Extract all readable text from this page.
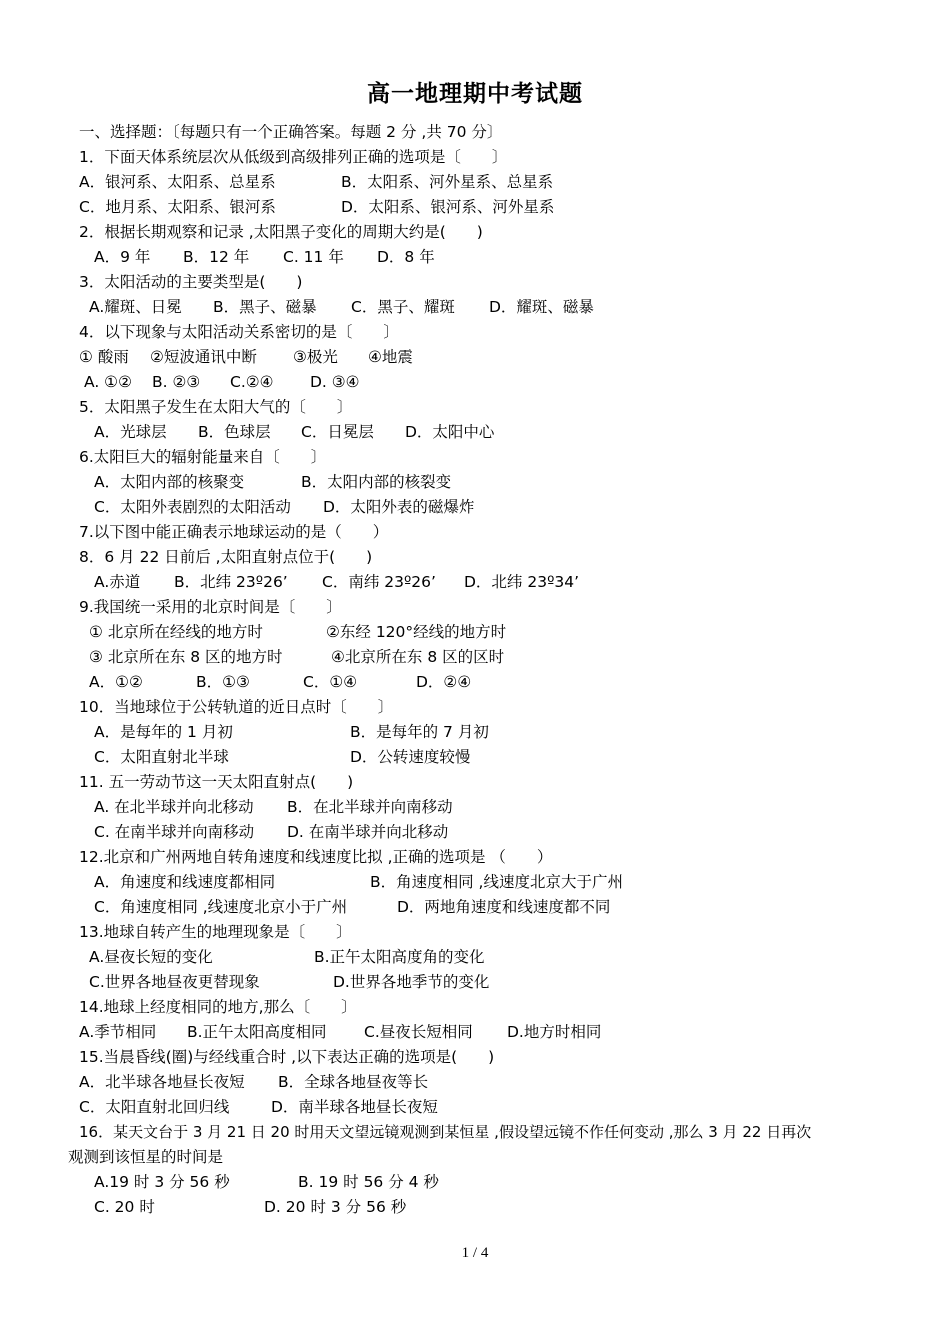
高一地理期中考试题
一、选择题：〔每题只有一个正确答案。每题 2 分 ,共 70 分〕
1．下面天体系统层次从低级到高级排列正确的选项是〔　　〕
A．银河系、太阳系、总星系	B．太阳系、河外星系、总星系
C．地月系、太阳系、银河系	D．太阳系、银河系、河外星系
2．根据长期观察和记录 ,太阳黑子变化的周期大约是(　　)
A．9 年 B．12 年 C. 11 年 D．8 年
3．太阳活动的主要类型是(　　)
A.耀斑、日冕 B．黑子、磁暴 C．黑子、耀斑 D．耀斑、磁暴
4．以下现象与太阳活动关系密切的是〔　　〕
① 酸雨 ②短波通讯中断 ③极光 ④地震
A. ①② B. ②③ C.②④ D. ③④
5．太阳黑子发生在太阳大气的〔　　〕
A．光球层 B．色球层 C．日冕层 D．太阳中心
6.太阳巨大的辐射能量来自〔　　〕
A．太阳内部的核聚变	B．太阳内部的核裂变
C．太阳外表剧烈的太阳活动 D．太阳外表的磁爆炸
7.以下图中能正确表示地球运动的是（　　）
8．6 月 22 日前后 ,太阳直射点位于(　　)
A.赤道 B．北纬 23º26’ C．南纬 23º26’ D．北纬 23º34’
9.我国统一采用的北京时间是〔　　〕
① 北京所在经线的地方时	②东经 120°经线的地方时
③ 北京所在东 8 区的地方时	④北京所在东 8 区的区时
A．①②	B．①③	C．①④	D．②④
10．当地球位于公转轨道的近日点时〔　　〕
A．是每年的 1 月初	B．是每年的 7 月初
C．太阳直射北半球	D．公转速度较慢
11. 五一劳动节这一天太阳直射点(　　)
A. 在北半球并向北移动 B．在北半球并向南移动
C. 在南半球并向南移动 D. 在南半球并向北移动
12.北京和广州两地自转角速度和线速度比拟 ,正确的选项是 （　　）
A．角速度和线速度都相同	B．角速度相同 ,线速度北京大于广州
C．角速度相同 ,线速度北京小于广州	D．两地角速度和线速度都不同
13.地球自转产生的地理现象是〔　　〕
A.昼夜长短的变化	B.正午太阳高度角的变化
C.世界各地昼夜更替现象	D.世界各地季节的变化
14.地球上经度相同的地方,那么〔　　〕
A.季节相同 B.正午太阳高度相同 C.昼夜长短相同 D.地方时相同
15.当晨昏线(圈)与经线重合时 ,以下表达正确的选项是(　　)
A．北半球各地昼长夜短 B．全球各地昼夜等长
C．太阳直射北回归线	D．南半球各地昼长夜短
16．某天文台于 3 月 21 日 20 时用天文望远镜观测到某恒星 ,假设望远镜不作任何变动 ,那么 3 月 22 日再次
观测到该恒星的时间是
A.19 时 3 分 56 秒	B. 19 时 56 分 4 秒
C. 20 时	D. 20 时 3 分 56 秒
1 / 4
